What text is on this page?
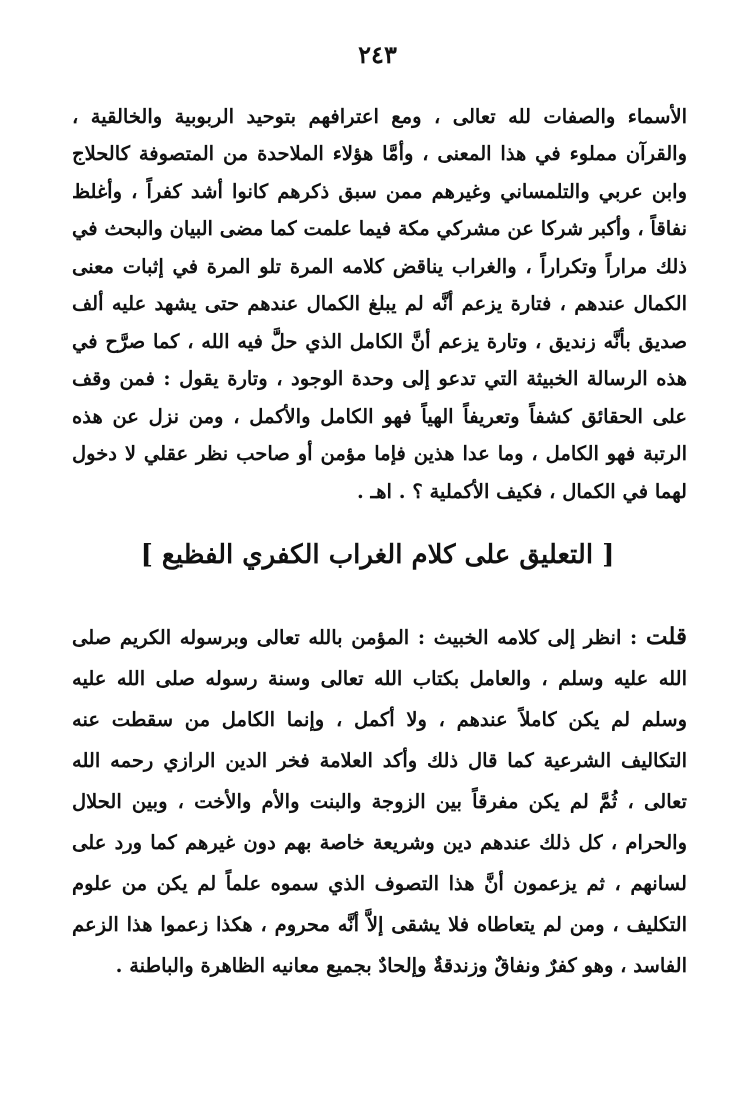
٢٤٣

الأسماء والصفات لله تعالى ، ومع اعترافهم بتوحيد الربوبية والخالقية ، والقرآن مملوء في هذا المعنى ، وأمَّا هؤلاء الملاحدة من المتصوفة كالحلاج وابن عربي والتلمساني وغيرهم ممن سبق ذكرهم كانوا أشد كفراً ، وأغلظ نفاقاً ، وأكبر شركا عن مشركي مكة فيما علمت كما مضى البيان والبحث في ذلك مراراً وتكراراً ، والغراب يناقض كلامه المرة تلو المرة في إثبات معنى الكمال عندهم ، فتارة يزعم أنَّه لم يبلغ الكمال عندهم حتى يشهد عليه ألف صديق بأنَّه زنديق ، وتارة يزعم أنَّ الكامل الذي حلَّ فيه الله ، كما صرَّح في هذه الرسالة الخبيثة التي تدعو إلى وحدة الوجود ، وتارة يقول : فمن وقف على الحقائق كشفاً وتعريفاً الهياً فهو الكامل والأكمل ، ومن نزل عن هذه الرتبة فهو الكامل ، وما عدا هذين فإما مؤمن أو صاحب نظر عقلي لا دخول لهما في الكمال ، فكيف الأكملية ؟ . اهـ .

[ التعليق على كلام الغراب الكفري الفظيع ]

قلت : انظر إلى كلامه الخبيث : المؤمن بالله تعالى وبرسوله الكريم صلى الله عليه وسلم ، والعامل بكتاب الله تعالى وسنة رسوله صلى الله عليه وسلم لم يكن كاملاً عندهم ، ولا أكمل ، وإنما الكامل من سقطت عنه التكاليف الشرعية كما قال ذلك وأكد العلامة فخر الدين الرازي رحمه الله تعالى ، ثُمَّ لم يكن مفرقاً بين الزوجة والبنت والأم والأخت ، وبين الحلال والحرام ، كل ذلك عندهم دين وشريعة خاصة بهم دون غيرهم كما ورد على لسانهم ، ثم يزعمون أنَّ هذا التصوف الذي سموه علماً لم يكن من علوم التكليف ، ومن لم يتعاطاه فلا يشقى إلاَّ أنَّه محروم ، هكذا زعموا هذا الزعم الفاسد ، وهو كفرٌ ونفاقٌ وزندقةٌ وإلحادٌ بجميع معانيه الظاهرة والباطنة .
